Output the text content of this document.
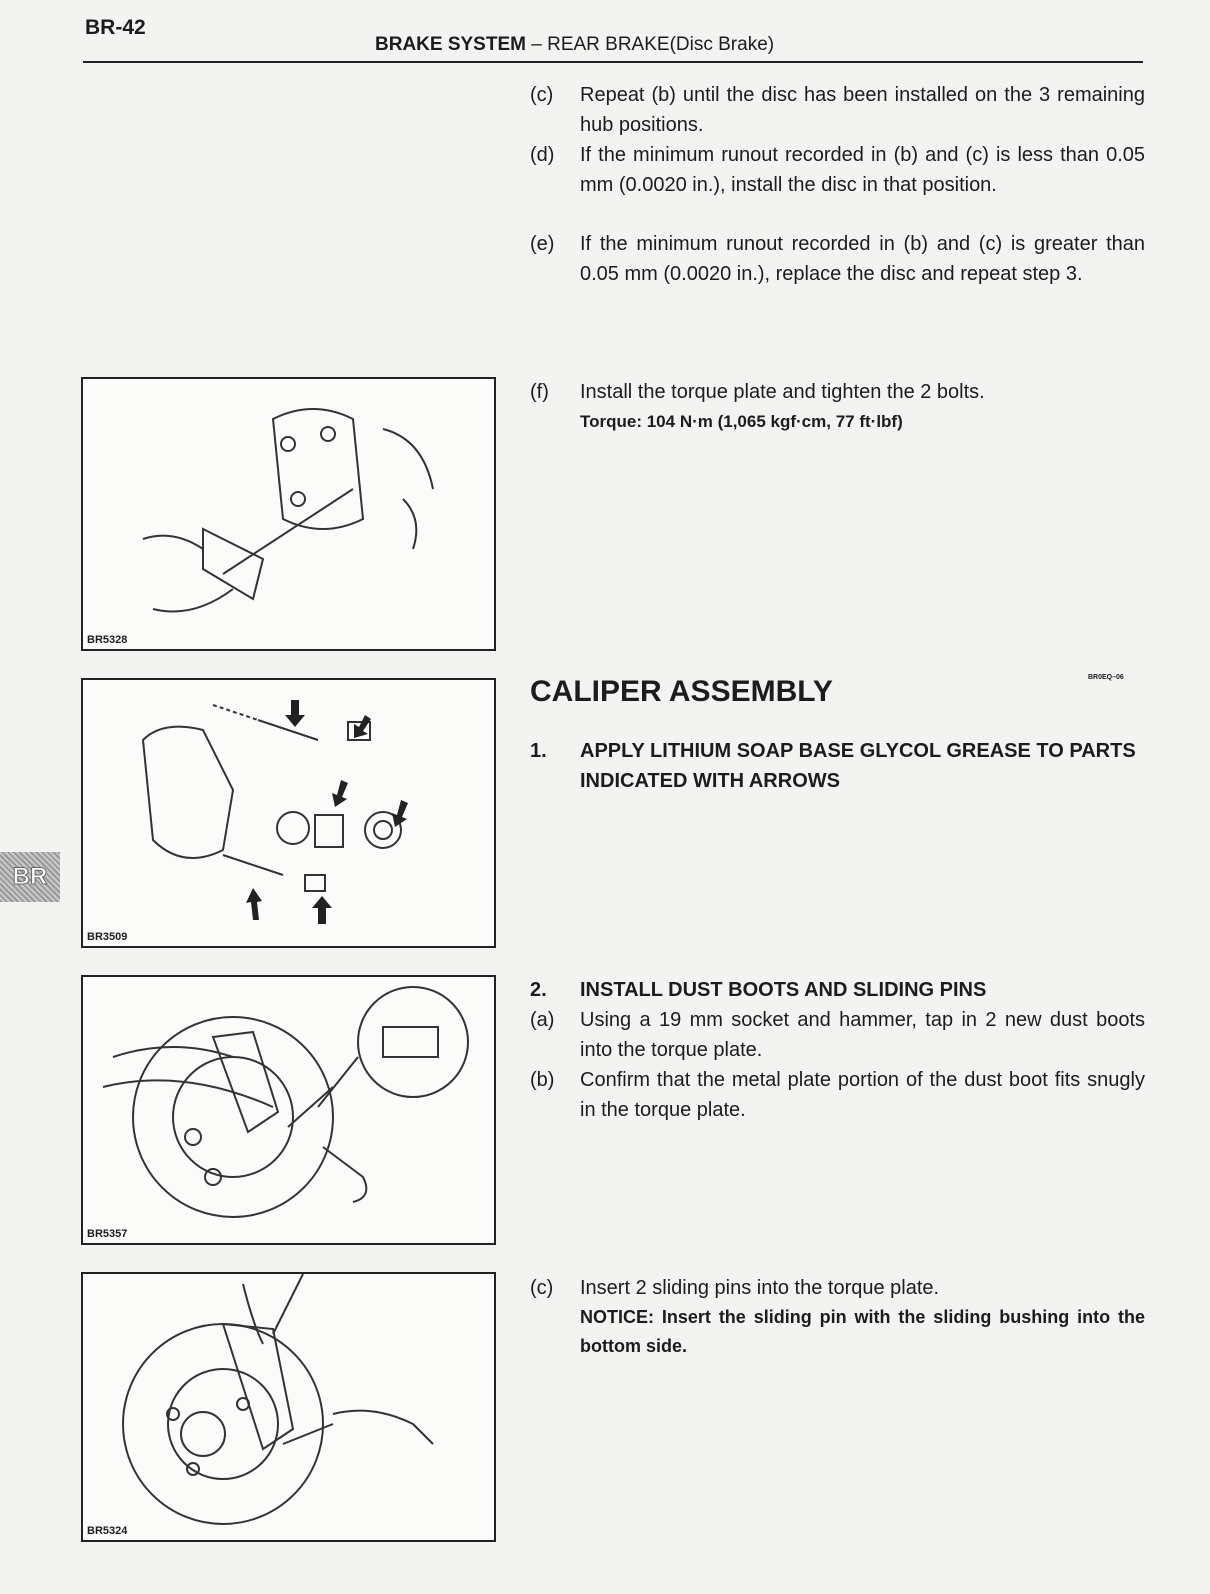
BR-42
BRAKE SYSTEM – REAR BRAKE(Disc Brake)
BR
(c) Repeat (b) until the disc has been installed on the 3 remaining hub positions.
(d) If the minimum runout recorded in (b) and (c) is less than 0.05 mm (0.0020 in.), install the disc in that position.
(e) If the minimum runout recorded in (b) and (c) is greater than 0.05 mm (0.0020 in.), replace the disc and repeat step 3.
(f) Install the torque plate and tighten the 2 bolts.
Torque: 104 N·m (1,065 kgf·cm, 77 ft·lbf)
CALIPER ASSEMBLY	BR0EQ–06
1. APPLY LITHIUM SOAP BASE GLYCOL GREASE TO PARTS INDICATED WITH ARROWS
2. INSTALL DUST BOOTS AND SLIDING PINS
(a) Using a 19 mm socket and hammer, tap in 2 new dust boots into the torque plate.
(b) Confirm that the metal plate portion of the dust boot fits snugly in the torque plate.
(c) Insert 2 sliding pins into the torque plate.
NOTICE: Insert the sliding pin with the sliding bushing into the bottom side.
BR5328
BR3509
BR5357
BR5324
